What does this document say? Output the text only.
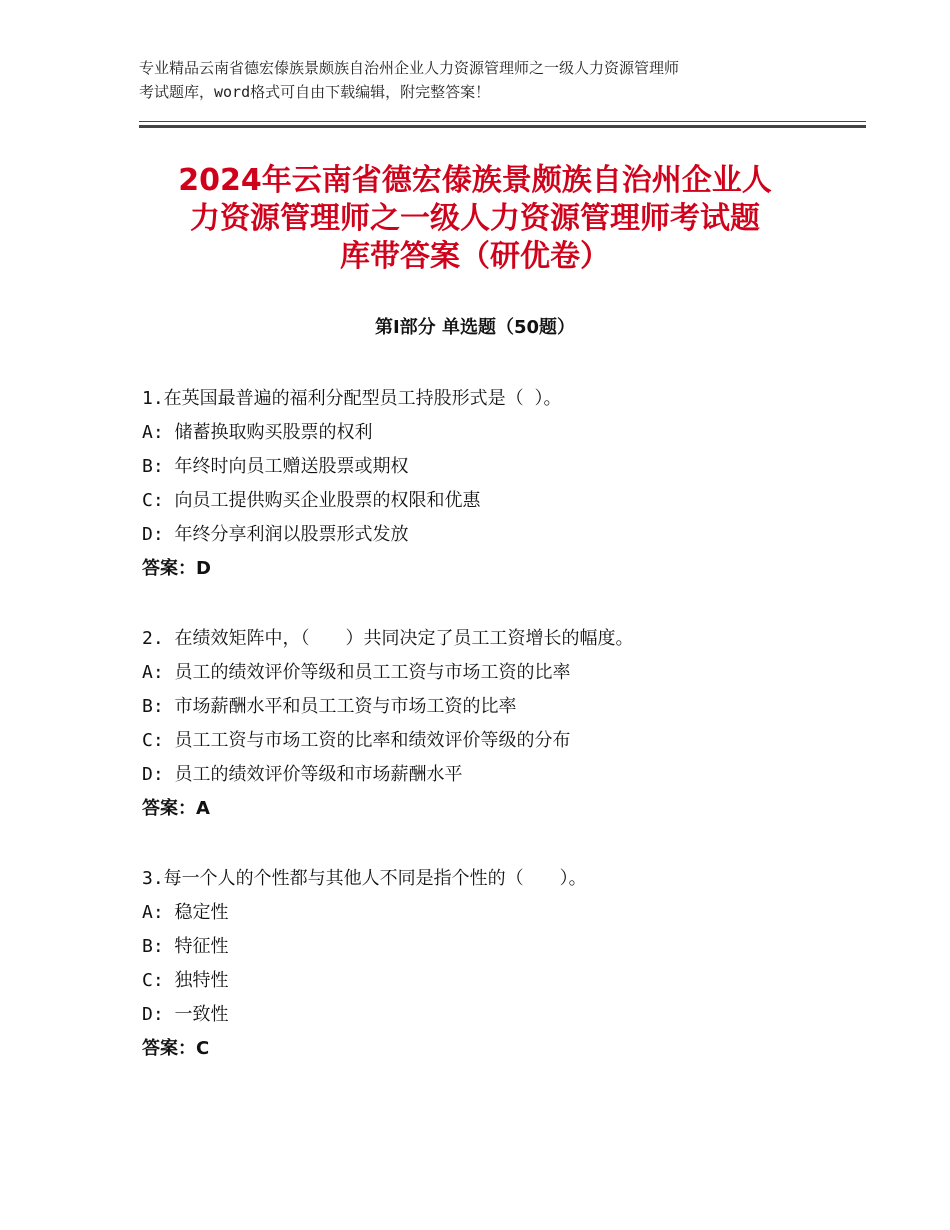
专业精品云南省德宏傣族景颇族自治州企业人力资源管理师之一级人力资源管理师
考试题库，word格式可自由下载编辑，附完整答案！
2024年云南省德宏傣族景颇族自治州企业人
力资源管理师之一级人力资源管理师考试题
库带答案（研优卷）
第Ⅰ部分 单选题（50题）
1.在英国最普遍的福利分配型员工持股形式是（ ）。
A: 储蓄换取购买股票的权利
B: 年终时向员工赠送股票或期权
C: 向员工提供购买企业股票的权限和优惠
D: 年终分享利润以股票形式发放
答案：D
2. 在绩效矩阵中，（　　）共同决定了员工工资增长的幅度。
A: 员工的绩效评价等级和员工工资与市场工资的比率
B: 市场薪酬水平和员工工资与市场工资的比率
C: 员工工资与市场工资的比率和绩效评价等级的分布
D: 员工的绩效评价等级和市场薪酬水平
答案：A
3.每一个人的个性都与其他人不同是指个性的（　　）。
A: 稳定性
B: 特征性
C: 独特性
D: 一致性
答案：C
